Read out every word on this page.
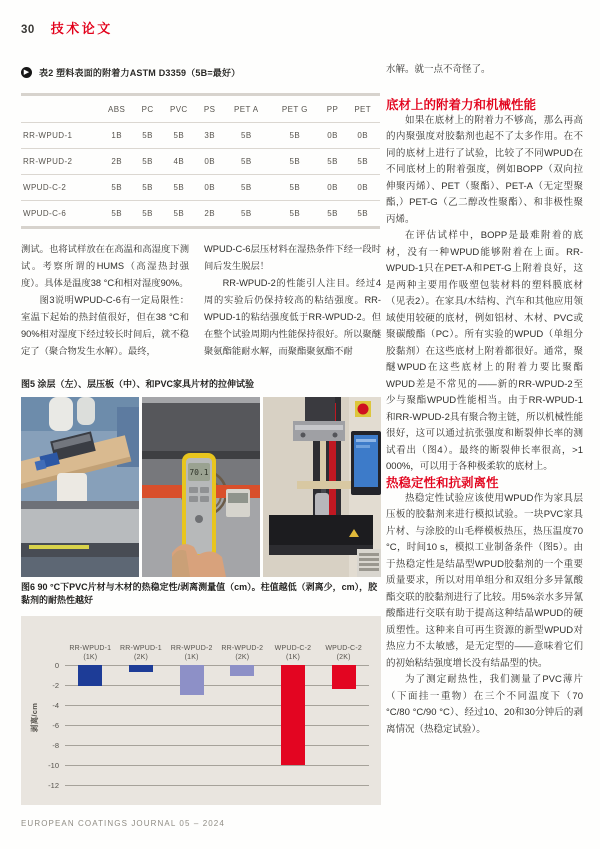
30 技术论文
▶	表2 塑料表面的附着力ASTM D3359（5B=最好）
	ABS	PC	PVC	PS	PET A	PET G	PP	PET
RR-WPUD-1	1B	5B	5B	3B	5B	5B	0B	0B
RR-WPUD-2	2B	5B	4B	0B	5B	5B	5B	5B
WPUD-C-2	5B	5B	5B	0B	5B	5B	0B	0B
WPUD-C-6	5B	5B	5B	2B	5B	5B	5B	5B

测试。也将试样放在在高温和高湿度下测试。考察所谓的HUMS（高湿热封强度）。具体是温度38 °C和相对湿度90%。

图3说明WPUD-C-6有一定局限性：室温下起始的热封值很好，但在38 °C和90%相对湿度下经过较长时间后，就不稳定了（聚合物发生水解）。最终，

WPUD-C-6层压材料在湿热条件下经一段时间后发生脱层！

RR-WPUD-2的性能引人注目。经过4周的实验后仍保持较高的粘结强度。RR-WPUD-1的粘结强度低于RR-WPUD-2。但在整个试验周期内性能保持很好。所以聚醚聚氨酯能耐水解，而聚酯聚氨酯不耐

图5 涂层（左）、层压板（中）、和PVC家具片材的拉伸试验
70.1
图6 90 °C下PVC片材与木材的热稳定性/剥离测量值（cm）。柱值越低（剥离少，cm），胶黏剂的耐热性越好
剥离/cm
0
-2
-4
-6
-8
-10
-12
RR-WPUD-1
(1K)
RR-WPUD-1
(2K)
RR-WPUD-2
(1K)
RR-WPUD-2
(2K)
WPUD-C-2
(1K)
WPUD-C-2
(2K)

水解。就一点不奇怪了。

底材上的附着力和机械性能

如果在底材上的附着力不够高，那么再高的内聚强度对胶黏剂也起不了太多作用。在不同的底材上进行了试验，比较了不同WPUD在不同底材上的附着强度，例如BOPP（双向拉伸聚丙烯）、PET（聚酯）、PET-A（无定型聚酯,）PET-G（乙二醇改性聚酯）、和非极性聚丙烯。

在评估试样中，BOPP是最难附着的底材，没有一种WPUD能够附着在上面。RR-WPUD-1只在PET-A和PET-G上附着良好，这是两种主要用作吸塑包装材料的塑料膜底材（见表2）。在家具/木结构、汽车和其他应用领域使用较硬的底材，例如铝材、木材、PVC或聚碳酸酯（PC）。所有实验的WPUD（单组分胶黏剂）在这些底材上附着都很好。通常，聚醚WPUD在这些底材上的附着力要比聚酯WPUD差是不常见的——新的RR-WPUD-2至少与聚酯WPUD性能相当。由于RR-WPUD-1和RR-WPUD-2具有聚合物主链，所以机械性能很好，这可以通过抗张强度和断裂伸长率的测试看出（图4）。最终的断裂伸长率很高，>1 000%，可以用于各种极柔软的底材上。

热稳定性和抗剥离性

热稳定性试验应该使用WPUD作为家具层压板的胶黏剂来进行模拟试验。一块PVC家具片材、与涂胶的山毛榉模板热压，热压温度70 °C，时间10 s，模拟工业制备条件（图5）。由于热稳定性是结晶型WPUD胶黏剂的一个重要质量要求，所以对用单组分和双组分多异氰酸酯交联的胶黏剂进行了比较。用5%亲水多异氰酸酯进行交联有助于提高这种结晶WPUD的硬质塑性。这种来自可再生资源的新型WPUD对热应力不太敏感，是无定型的——意味着它们的初始粘结强度增长没有结晶型的快。

为了测定耐热性，我们测量了PVC薄片（下面挂一重物）在三个不同温度下（70 °C/80 °C/90 °C）、经过10、20和30分钟后的剥离情况（热稳定试验）。

EUROPEAN COATINGS JOURNAL 05 – 2024
